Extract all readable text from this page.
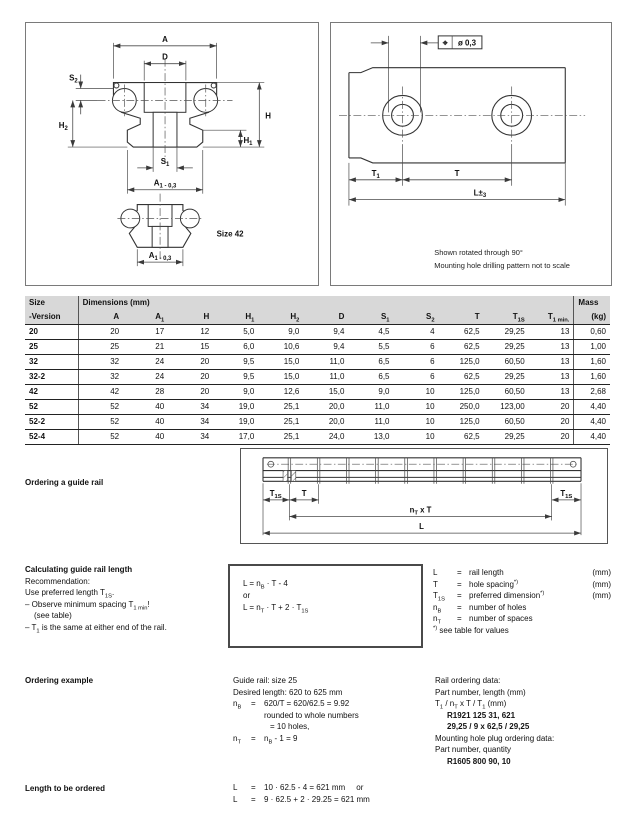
A
D
$S_2$
$H_2$
H
$H_1$
$S_1$
$A_{1 - 0,3}$
$A_{1 - 0,3}$
Size 42
⌖ ø 0,3
$T_1$	T
L±3
Shown rotated through 90°
Mounting hole drilling pattern not to scale
Size	Dimensions (mm)											Mass
-Version	A	$A_1$	H	$H_1$	$H_2$	D	$S_1$	$S_2$	T	$T_{1S}$	$T_{1 min.}$	(kg)
20	20	17	12	5,0	9,0	9,4	4,5	4	62,5	29,25	13	0,60
25	25	21	15	6,0	10,6	9,4	5,5	6	62,5	29,25	13	1,00
32	32	24	20	9,5	15,0	11,0	6,5	6	125,0	60,50	13	1,60
32-2	32	24	20	9,5	15,0	11,0	6,5	6	62,5	29,25	13	1,60
42	42	28	20	9,0	12,6	15,0	9,0	10	125,0	60,50	13	2,68
52	52	40	34	19,0	25,1	20,0	11,0	10	250,0	123,00	20	4,40
52-2	52	40	34	19,0	25,1	20,0	11,0	10	125,0	60,50	20	4,40
52-4	52	40	34	17,0	25,1	24,0	13,0	10	62,5	29,25	20	4,40
Ordering a guide rail
$T_{1S}$	T	$T_{1S}$
$n_T$ x T
L
Calculating guide rail length
Recommendation:
Use preferred length $T_{1S}$.
– Observe minimum spacing $T_{1 min}$!
(see table)
– $T_1$ is the same at either end of the rail.
$L = n_B \cdot T - 4$
or
$L = n_T \cdot T + 2 \cdot T_{1S}$
L	= rail length	(mm)
T	= hole spacing*)	(mm)
$T_{1S}$	= preferred dimension*)	(mm)
$n_B$	= number of holes
$n_T$	= number of spaces
*) see table for values
Ordering example	Guide rail: size 25
Desired length: 620 to 625 mm
$n_B$	=	620/T = 620/62.5 = 9.92
rounded to whole numbers
= 10 holes,
$n_T$	=	$n_B - 1 = 9$
Rail ordering data:
Part number, length (mm)
$T_1 / n_T$ x T / $T_1$ (mm)
R1921 125 31, 621
29,25 / 9 x 62,5 / 29,25
Mounting hole plug ordering data:
Part number, quantity
R1605 800 90, 10
Length to be ordered	L	=	10 · 62.5 - 4 = 621 mm     or
L	=	9 · 62.5 + 2 · 29.25 = 621 mm
